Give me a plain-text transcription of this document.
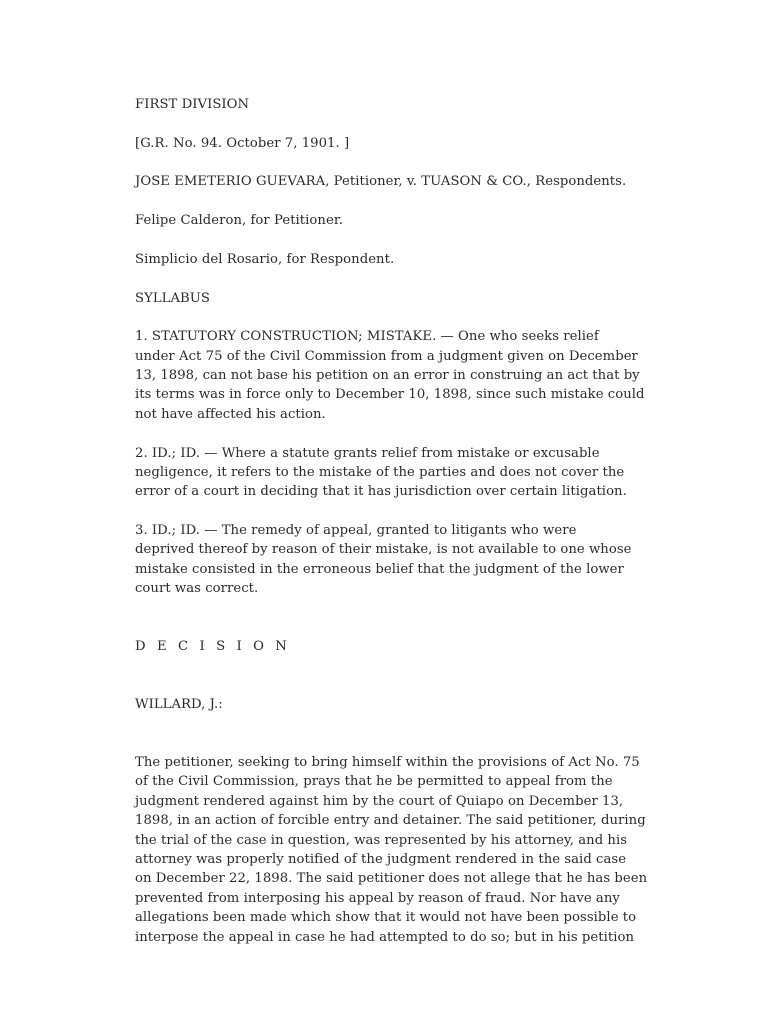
FIRST DIVISION

[G.R. No. 94. October 7, 1901. ]

JOSE EMETERIO GUEVARA, Petitioner, v. TUASON & CO., Respondents.

Felipe Calderon, for Petitioner.

Simplicio del Rosario, for Respondent.

SYLLABUS

1. STATUTORY CONSTRUCTION; MISTAKE. — One who seeks relief
under Act 75 of the Civil Commission from a judgment given on December
13, 1898, can not base his petition on an error in construing an act that by
its terms was in force only to December 10, 1898, since such mistake could
not have affected his action.
2. ID.; ID. — Where a statute grants relief from mistake or excusable
negligence, it refers to the mistake of the parties and does not cover the
error of a court in deciding that it has jurisdiction over certain litigation.
3. ID.; ID. — The remedy of appeal, granted to litigants who were
deprived thereof by reason of their mistake, is not available to one whose
mistake consisted in the erroneous belief that the judgment of the lower
court was correct.

D E C I S I O N

WILLARD, J.:

The petitioner, seeking to bring himself within the provisions of Act No. 75
of the Civil Commission, prays that he be permitted to appeal from the
judgment rendered against him by the court of Quiapo on December 13,
1898, in an action of forcible entry and detainer. The said petitioner, during
the trial of the case in question, was represented by his attorney, and his
attorney was properly notified of the judgment rendered in the said case
on December 22, 1898. The said petitioner does not allege that he has been
prevented from interposing his appeal by reason of fraud. Nor have any
allegations been made which show that it would not have been possible to
interpose the appeal in case he had attempted to do so; but in his petition
